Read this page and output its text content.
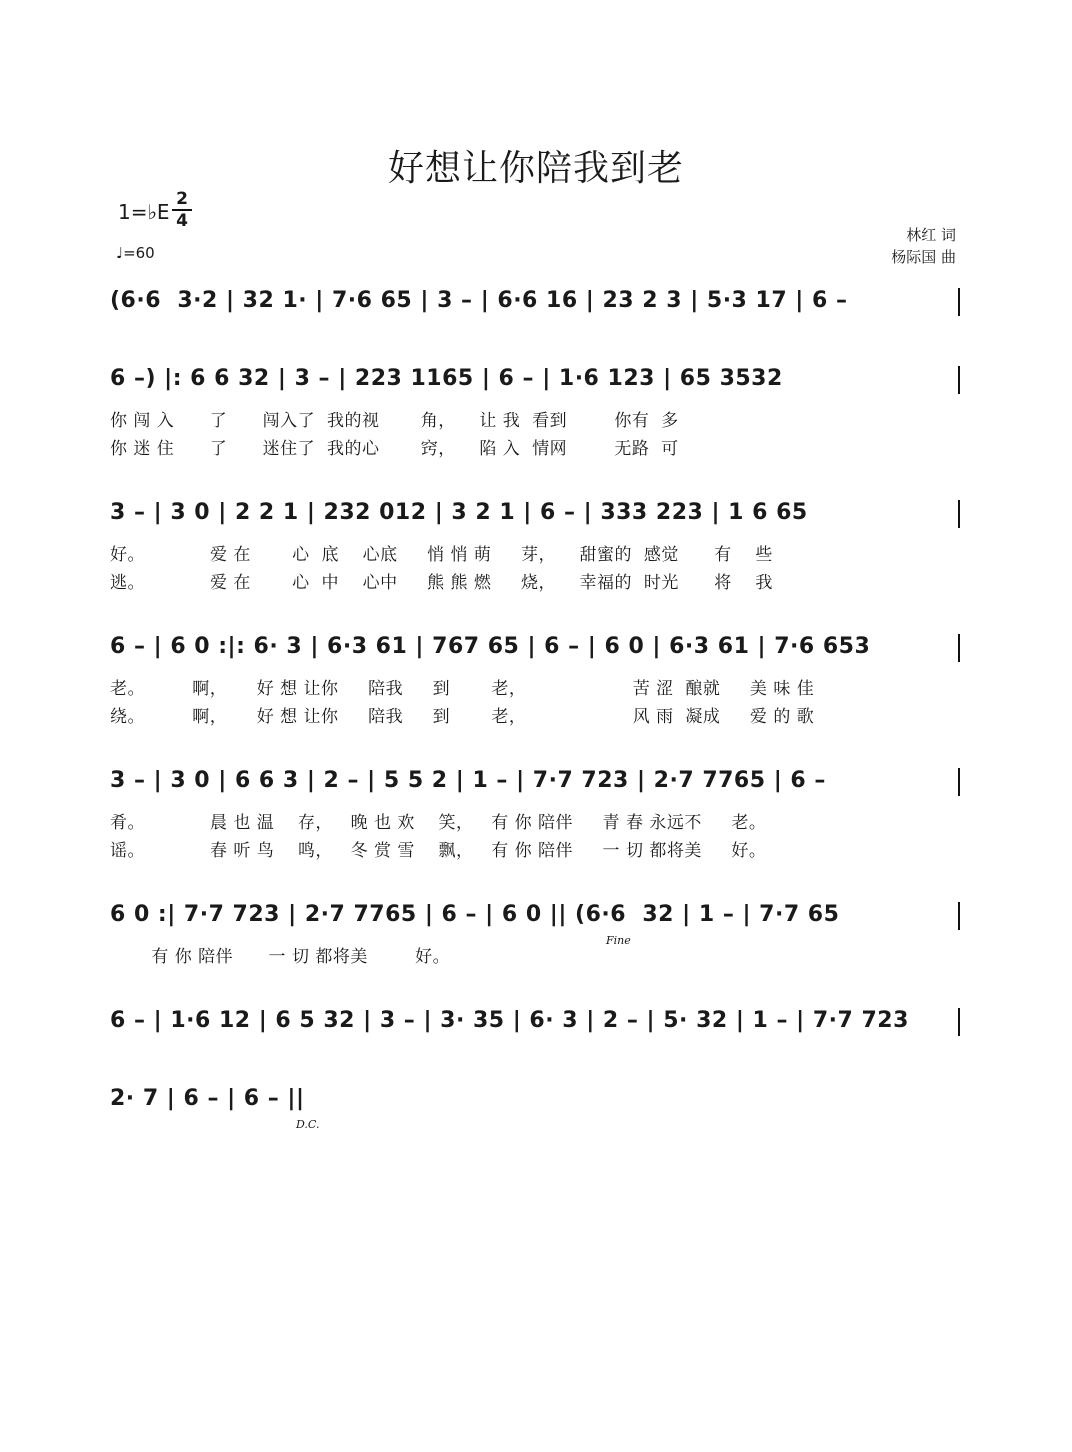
好想让你陪我到老
1=♭E
2
4
♩=60
林红 词
杨际国 曲
(6·6  3·2 | 32 1· | 7·6 65 | 3 – | 6·6 16 | 23 2 3 | 5·3 17 | 6 –
6 –) |: 6 6 32 | 3 – | 223 1165 | 6 – | 1·6 123 | 65 3532
你 闯 入      了      闯入了  我的视       角，    让 我  看到        你有  多
你 迷 住      了      迷住了  我的心       窍，    陷 入  情网        无路  可
3 – | 3 0 | 2 2 1 | 232 012 | 3 2 1 | 6 – | 333 223 | 1 6 65
好。           爱 在       心  底    心底     悄 悄 萌     芽，    甜蜜的  感觉      有    些
逃。           爱 在       心  中    心中     熊 熊 燃     烧，    幸福的  时光      将    我
6 – | 6 0 :|: 6· 3 | 6·3 61 | 767 65 | 6 – | 6 0 | 6·3 61 | 7·6 653
老。        啊，     好 想 让你     陪我     到       老，                  苦 涩  酿就     美 味 佳
绕。        啊，     好 想 让你     陪我     到       老，                  风 雨  凝成     爱 的 歌
3 – | 3 0 | 6 6 3 | 2 – | 5 5 2 | 1 – | 7·7 723 | 2·7 7765 | 6 –
肴。           晨 也 温    存，   晚 也 欢    笑，   有 你 陪伴     青 春 永远不     老。
谣。           春 听 鸟    鸣，   冬 赏 雪    飘，   有 你 陪伴     一 切 都将美     好。
6 0 :| 7·7 723 | 2·7 7765 | 6 – | 6 0 || (6·6  32 | 1 – | 7·7 65
有 你 陪伴      一 切 都将美        好。
Fine
6 – | 1·6 12 | 6 5 32 | 3 – | 3· 35 | 6· 3 | 2 – | 5· 32 | 1 – | 7·7 723
2· 7 | 6 – | 6 – ||
D.C.
